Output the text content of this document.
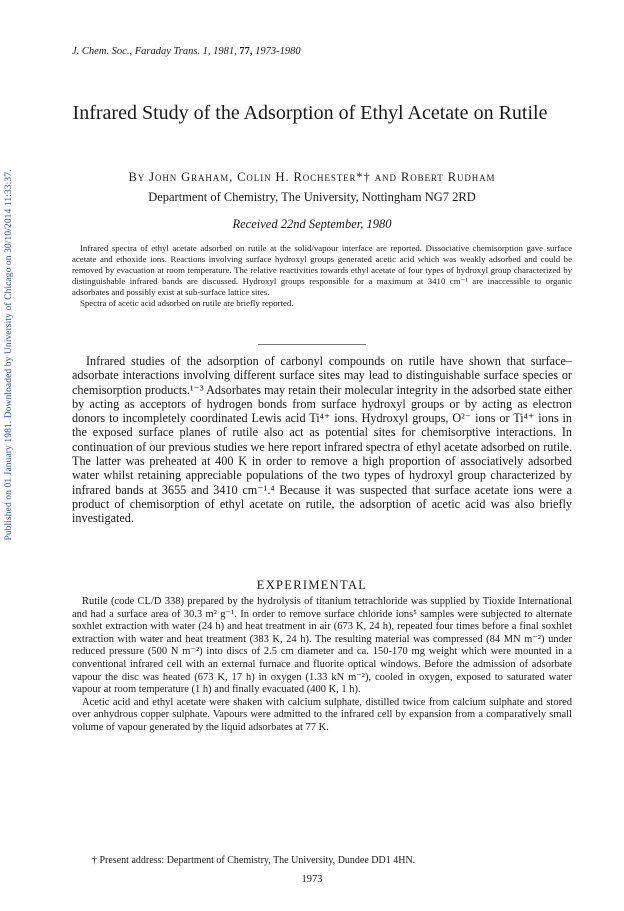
Published on 01 January 1981. Downloaded by University of Chicago on 30/10/2014 11:33:37.
J. Chem. Soc., Faraday Trans. 1, 1981, 77, 1973-1980
Infrared Study of the Adsorption of Ethyl Acetate on Rutile
By John Graham, Colin H. Rochester*† and Robert Rudham
Department of Chemistry, The University, Nottingham NG7 2RD
Received 22nd September, 1980

Infrared spectra of ethyl acetate adsorbed on rutile at the solid/vapour interface are reported. Dissociative chemisorption gave surface acetate and ethoxide ions. Reactions involving surface hydroxyl groups generated acetic acid which was weakly adsorbed and could be removed by evacuation at room temperature. The relative reactivities towards ethyl acetate of four types of hydroxyl group characterized by distinguishable infrared bands are discussed. Hydroxyl groups responsible for a maximum at 3410 cm⁻¹ are inaccessible to organic adsorbates and possibly exist at sub-surface lattice sites.

Spectra of acetic acid adsorbed on rutile are briefly reported.

Infrared studies of the adsorption of carbonyl compounds on rutile have shown that surface–adsorbate interactions involving different surface sites may lead to distinguishable surface species or chemisorption products.¹⁻³ Adsorbates may retain their molecular integrity in the adsorbed state either by acting as acceptors of hydrogen bonds from surface hydroxyl groups or by acting as electron donors to incompletely coordinated Lewis acid Ti⁴⁺ ions. Hydroxyl groups, O²⁻ ions or Ti⁴⁺ ions in the exposed surface planes of rutile also act as potential sites for chemisorptive interactions. In continuation of our previous studies we here report infrared spectra of ethyl acetate adsorbed on rutile. The latter was preheated at 400 K in order to remove a high proportion of associatively adsorbed water whilst retaining appreciable populations of the two types of hydroxyl group characterized by infrared bands at 3655 and 3410 cm⁻¹.⁴ Because it was suspected that surface acetate ions were a product of chemisorption of ethyl acetate on rutile, the adsorption of acetic acid was also briefly investigated.

EXPERIMENTAL

Rutile (code CL/D 338) prepared by the hydrolysis of titanium tetrachloride was supplied by Tioxide International and had a surface area of 30.3 m² g⁻¹. In order to remove surface chloride ions⁵ samples were subjected to alternate soxhlet extraction with water (24 h) and heat treatment in air (673 K, 24 h), repeated four times before a final soxhlet extraction with water and heat treatment (383 K, 24 h). The resulting material was compressed (84 MN m⁻²) under reduced pressure (500 N m⁻²) into discs of 2.5 cm diameter and ca. 150-170 mg weight which were mounted in a conventional infrared cell with an external furnace and fluorite optical windows. Before the admission of adsorbate vapour the disc was heated (673 K, 17 h) in oxygen (1.33 kN m⁻²), cooled in oxygen, exposed to saturated water vapour at room temperature (1 h) and finally evacuated (400 K, 1 h).

Acetic acid and ethyl acetate were shaken with calcium sulphate, distilled twice from calcium sulphate and stored over anhydrous copper sulphate. Vapours were admitted to the infrared cell by expansion from a comparatively small volume of vapour generated by the liquid adsorbates at 77 K.

† Present address: Department of Chemistry, The University, Dundee DD1 4HN.
1973
